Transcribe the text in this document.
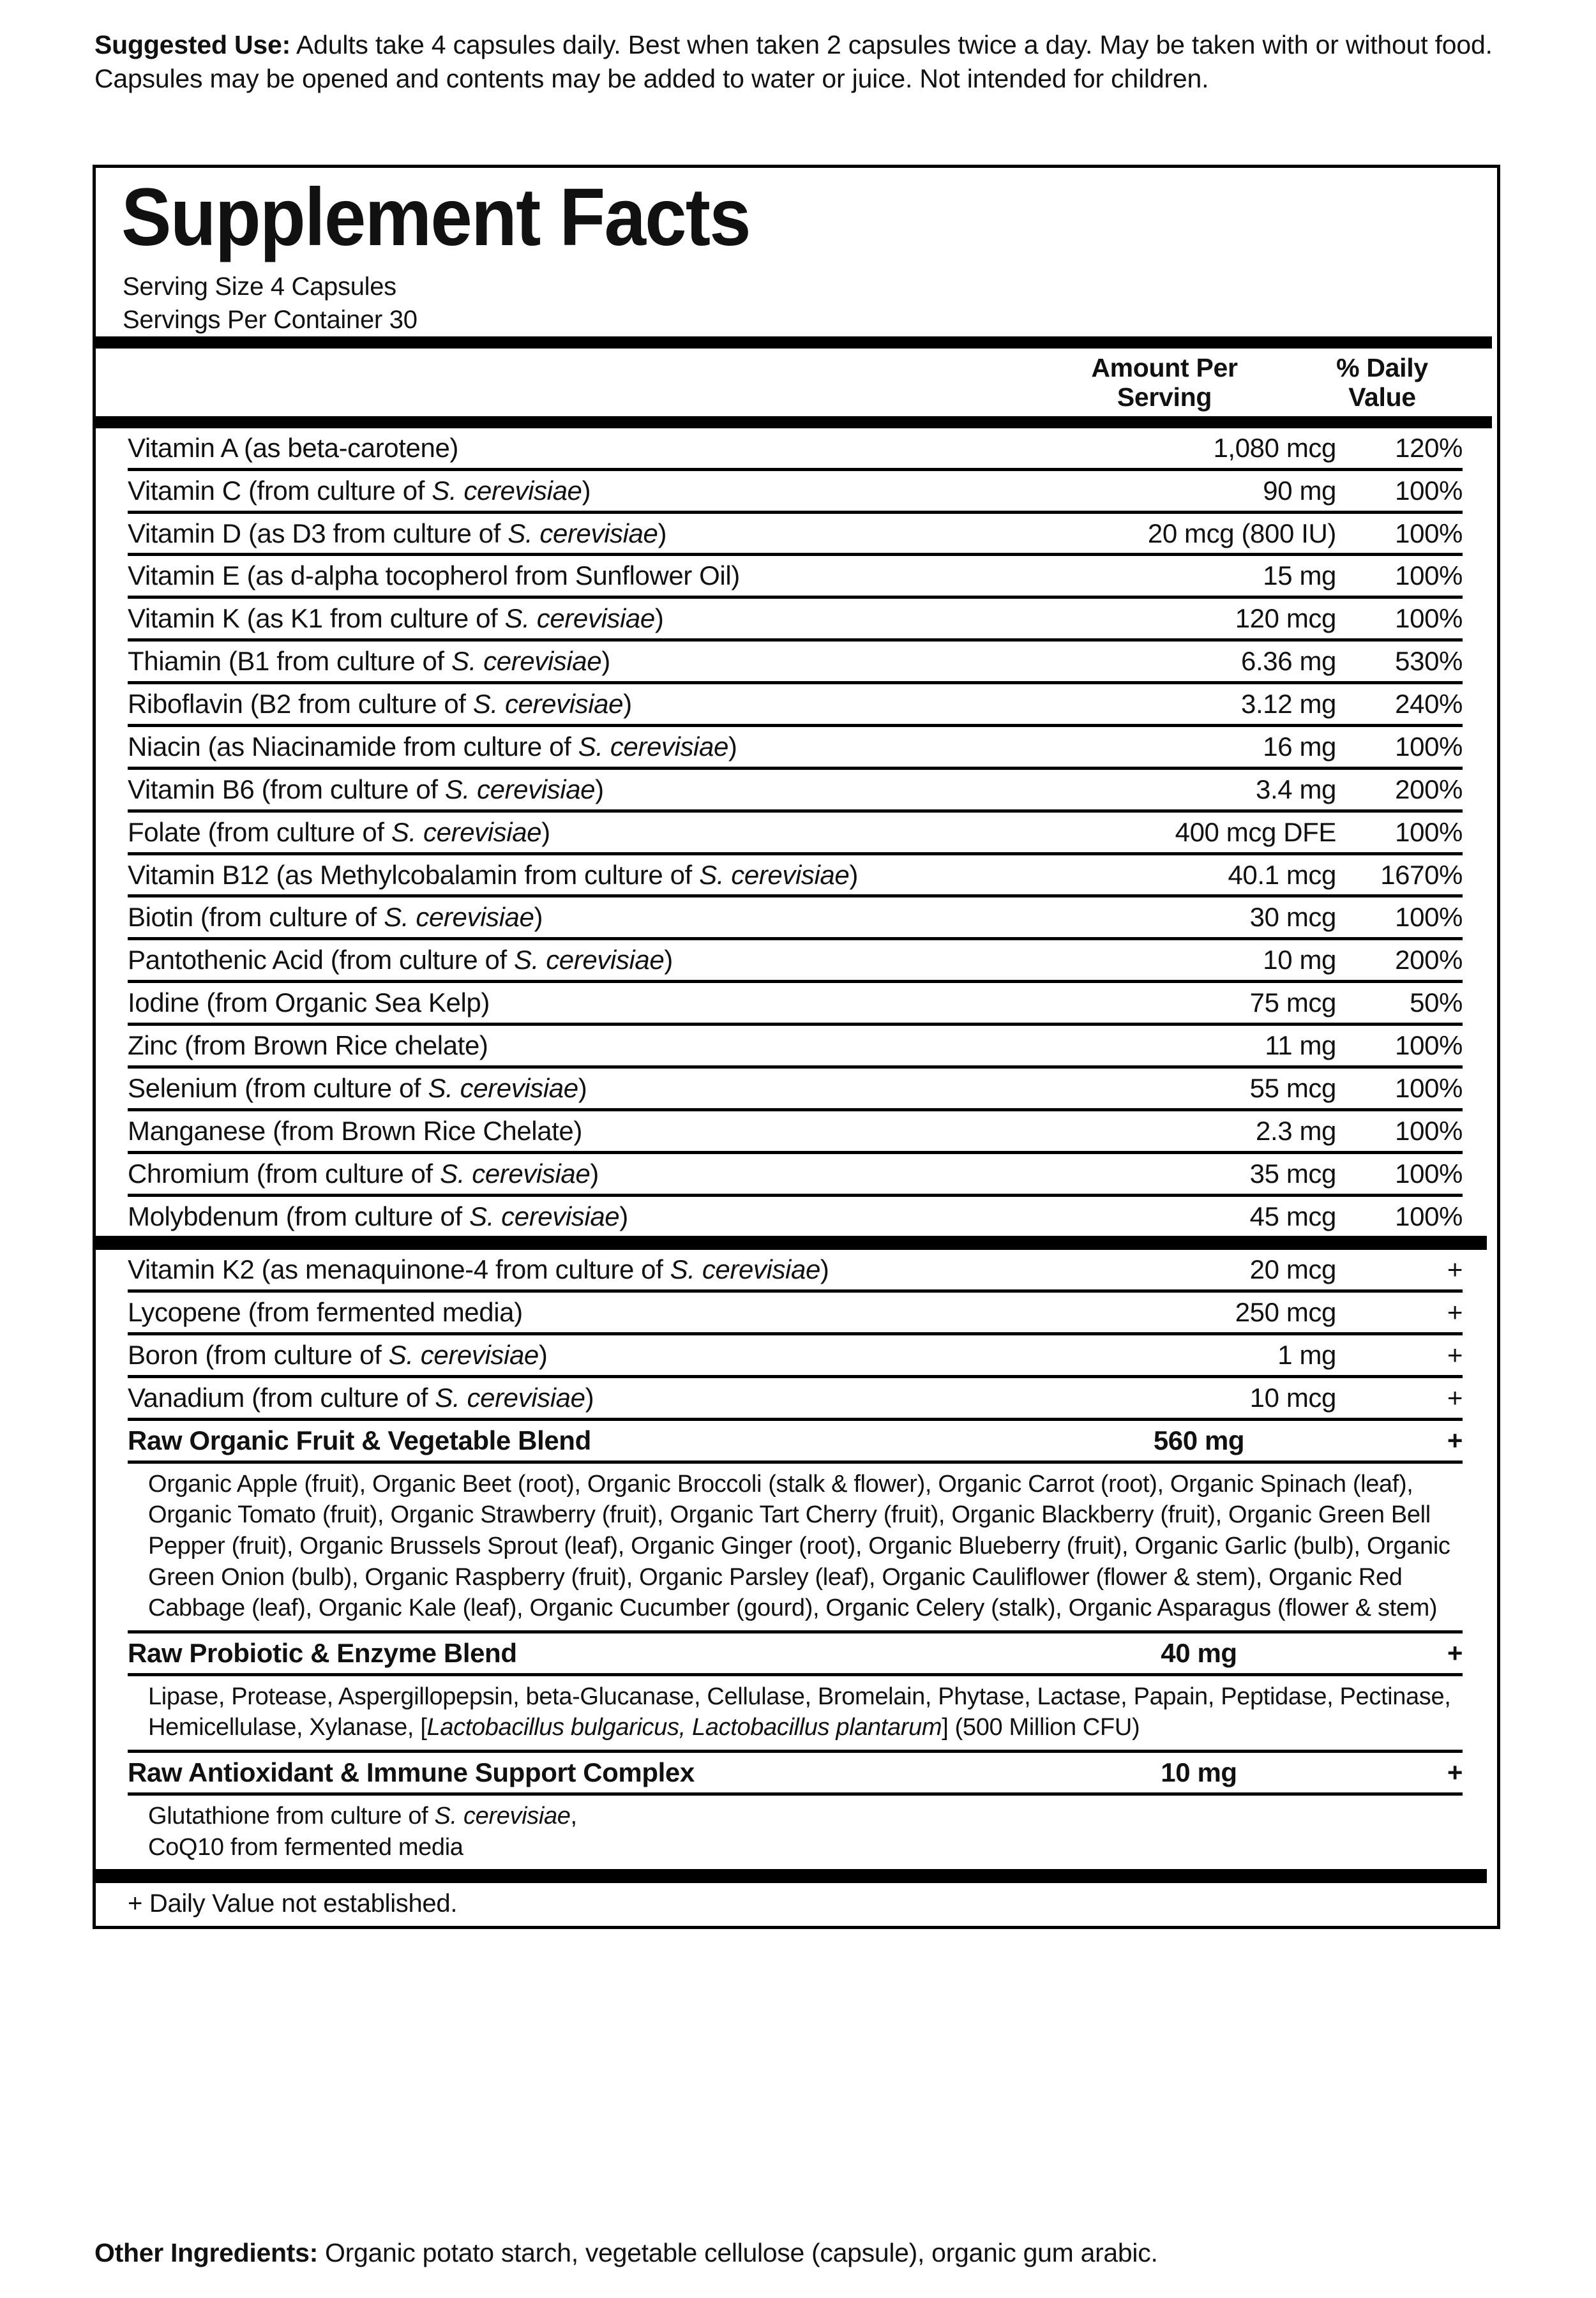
Suggested Use: Adults take 4 capsules daily. Best when taken 2 capsules twice a day. May be taken with or without food. Capsules may be opened and contents may be added to water or juice. Not intended for children.
Supplement Facts
Serving Size 4 Capsules
Servings Per Container 30
Amount Per
Serving
% Daily
Value
Vitamin A (as beta-carotene)	1,080 mcg	120%
Vitamin C (from culture of S. cerevisiae)	90 mg	100%
Vitamin D (as D3 from culture of S. cerevisiae)	20 mcg (800 IU)	100%
Vitamin E (as d-alpha tocopherol from Sunflower Oil)	15 mg	100%
Vitamin K (as K1 from culture of S. cerevisiae)	120 mcg	100%
Thiamin (B1 from culture of S. cerevisiae)	6.36 mg	530%
Riboflavin (B2 from culture of S. cerevisiae)	3.12 mg	240%
Niacin (as Niacinamide from culture of S. cerevisiae)	16 mg	100%
Vitamin B6 (from culture of S. cerevisiae)	3.4 mg	200%
Folate (from culture of S. cerevisiae)	400 mcg DFE	100%
Vitamin B12 (as Methylcobalamin from culture of S. cerevisiae)	40.1 mcg	1670%
Biotin (from culture of S. cerevisiae)	30 mcg	100%
Pantothenic Acid (from culture of S. cerevisiae)	10 mg	200%
Iodine (from Organic Sea Kelp)	75 mcg	50%
Zinc (from Brown Rice chelate)	11 mg	100%
Selenium (from culture of S. cerevisiae)	55 mcg	100%
Manganese (from Brown Rice Chelate)	2.3 mg	100%
Chromium (from culture of S. cerevisiae)	35 mcg	100%
Molybdenum (from culture of S. cerevisiae)	45 mcg	100%
Vitamin K2 (as menaquinone-4 from culture of S. cerevisiae)	20 mcg	+
Lycopene (from fermented media)	250 mcg	+
Boron (from culture of S. cerevisiae)	1 mg	+
Vanadium (from culture of S. cerevisiae)	10 mcg	+
Raw Organic Fruit & Vegetable Blend	560 mg	+
Organic Apple (fruit), Organic Beet (root), Organic Broccoli (stalk & flower), Organic Carrot (root), Organic Spinach (leaf), Organic Tomato (fruit), Organic Strawberry (fruit), Organic Tart Cherry (fruit), Organic Blackberry (fruit), Organic Green Bell Pepper (fruit), Organic Brussels Sprout (leaf), Organic Ginger (root), Organic Blueberry (fruit), Organic Garlic (bulb), Organic Green Onion (bulb), Organic Raspberry (fruit), Organic Parsley (leaf), Organic Cauliflower (flower & stem), Organic Red Cabbage (leaf), Organic Kale (leaf), Organic Cucumber (gourd), Organic Celery (stalk), Organic Asparagus (flower & stem)
Raw Probiotic & Enzyme Blend	40 mg	+
Lipase, Protease, Aspergillopepsin, beta-Glucanase, Cellulase, Bromelain, Phytase, Lactase, Papain, Peptidase, Pectinase, Hemicellulase, Xylanase, [Lactobacillus bulgaricus, Lactobacillus plantarum] (500 Million CFU)
Raw Antioxidant & Immune Support Complex	10 mg	+
Glutathione from culture of S. cerevisiae,
CoQ10 from fermented media
+ Daily Value not established.
Other Ingredients: Organic potato starch, vegetable cellulose (capsule), organic gum arabic.
